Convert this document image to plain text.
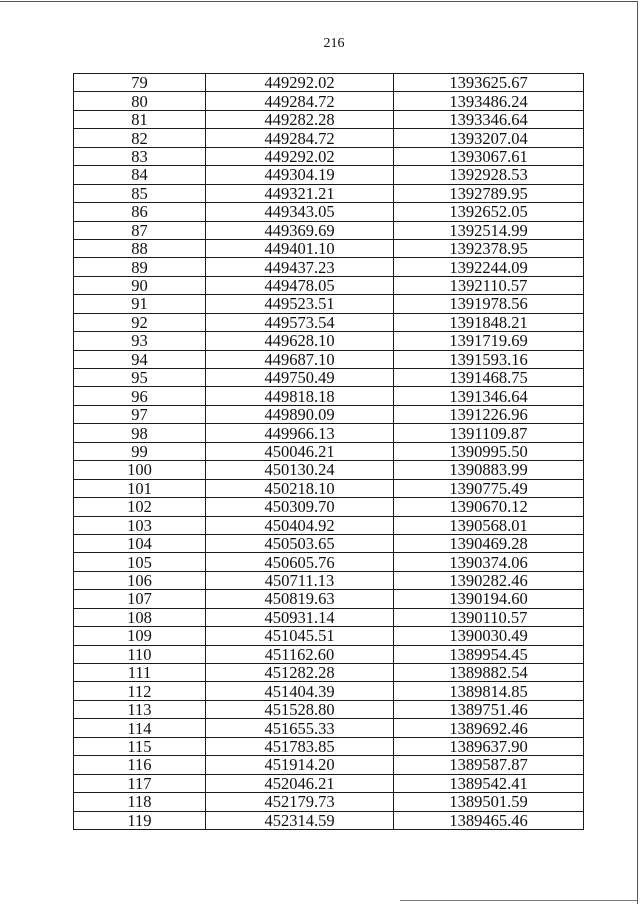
216
79	449292.02	1393625.67
80	449284.72	1393486.24
81	449282.28	1393346.64
82	449284.72	1393207.04
83	449292.02	1393067.61
84	449304.19	1392928.53
85	449321.21	1392789.95
86	449343.05	1392652.05
87	449369.69	1392514.99
88	449401.10	1392378.95
89	449437.23	1392244.09
90	449478.05	1392110.57
91	449523.51	1391978.56
92	449573.54	1391848.21
93	449628.10	1391719.69
94	449687.10	1391593.16
95	449750.49	1391468.75
96	449818.18	1391346.64
97	449890.09	1391226.96
98	449966.13	1391109.87
99	450046.21	1390995.50
100	450130.24	1390883.99
101	450218.10	1390775.49
102	450309.70	1390670.12
103	450404.92	1390568.01
104	450503.65	1390469.28
105	450605.76	1390374.06
106	450711.13	1390282.46
107	450819.63	1390194.60
108	450931.14	1390110.57
109	451045.51	1390030.49
110	451162.60	1389954.45
111	451282.28	1389882.54
112	451404.39	1389814.85
113	451528.80	1389751.46
114	451655.33	1389692.46
115	451783.85	1389637.90
116	451914.20	1389587.87
117	452046.21	1389542.41
118	452179.73	1389501.59
119	452314.59	1389465.46
